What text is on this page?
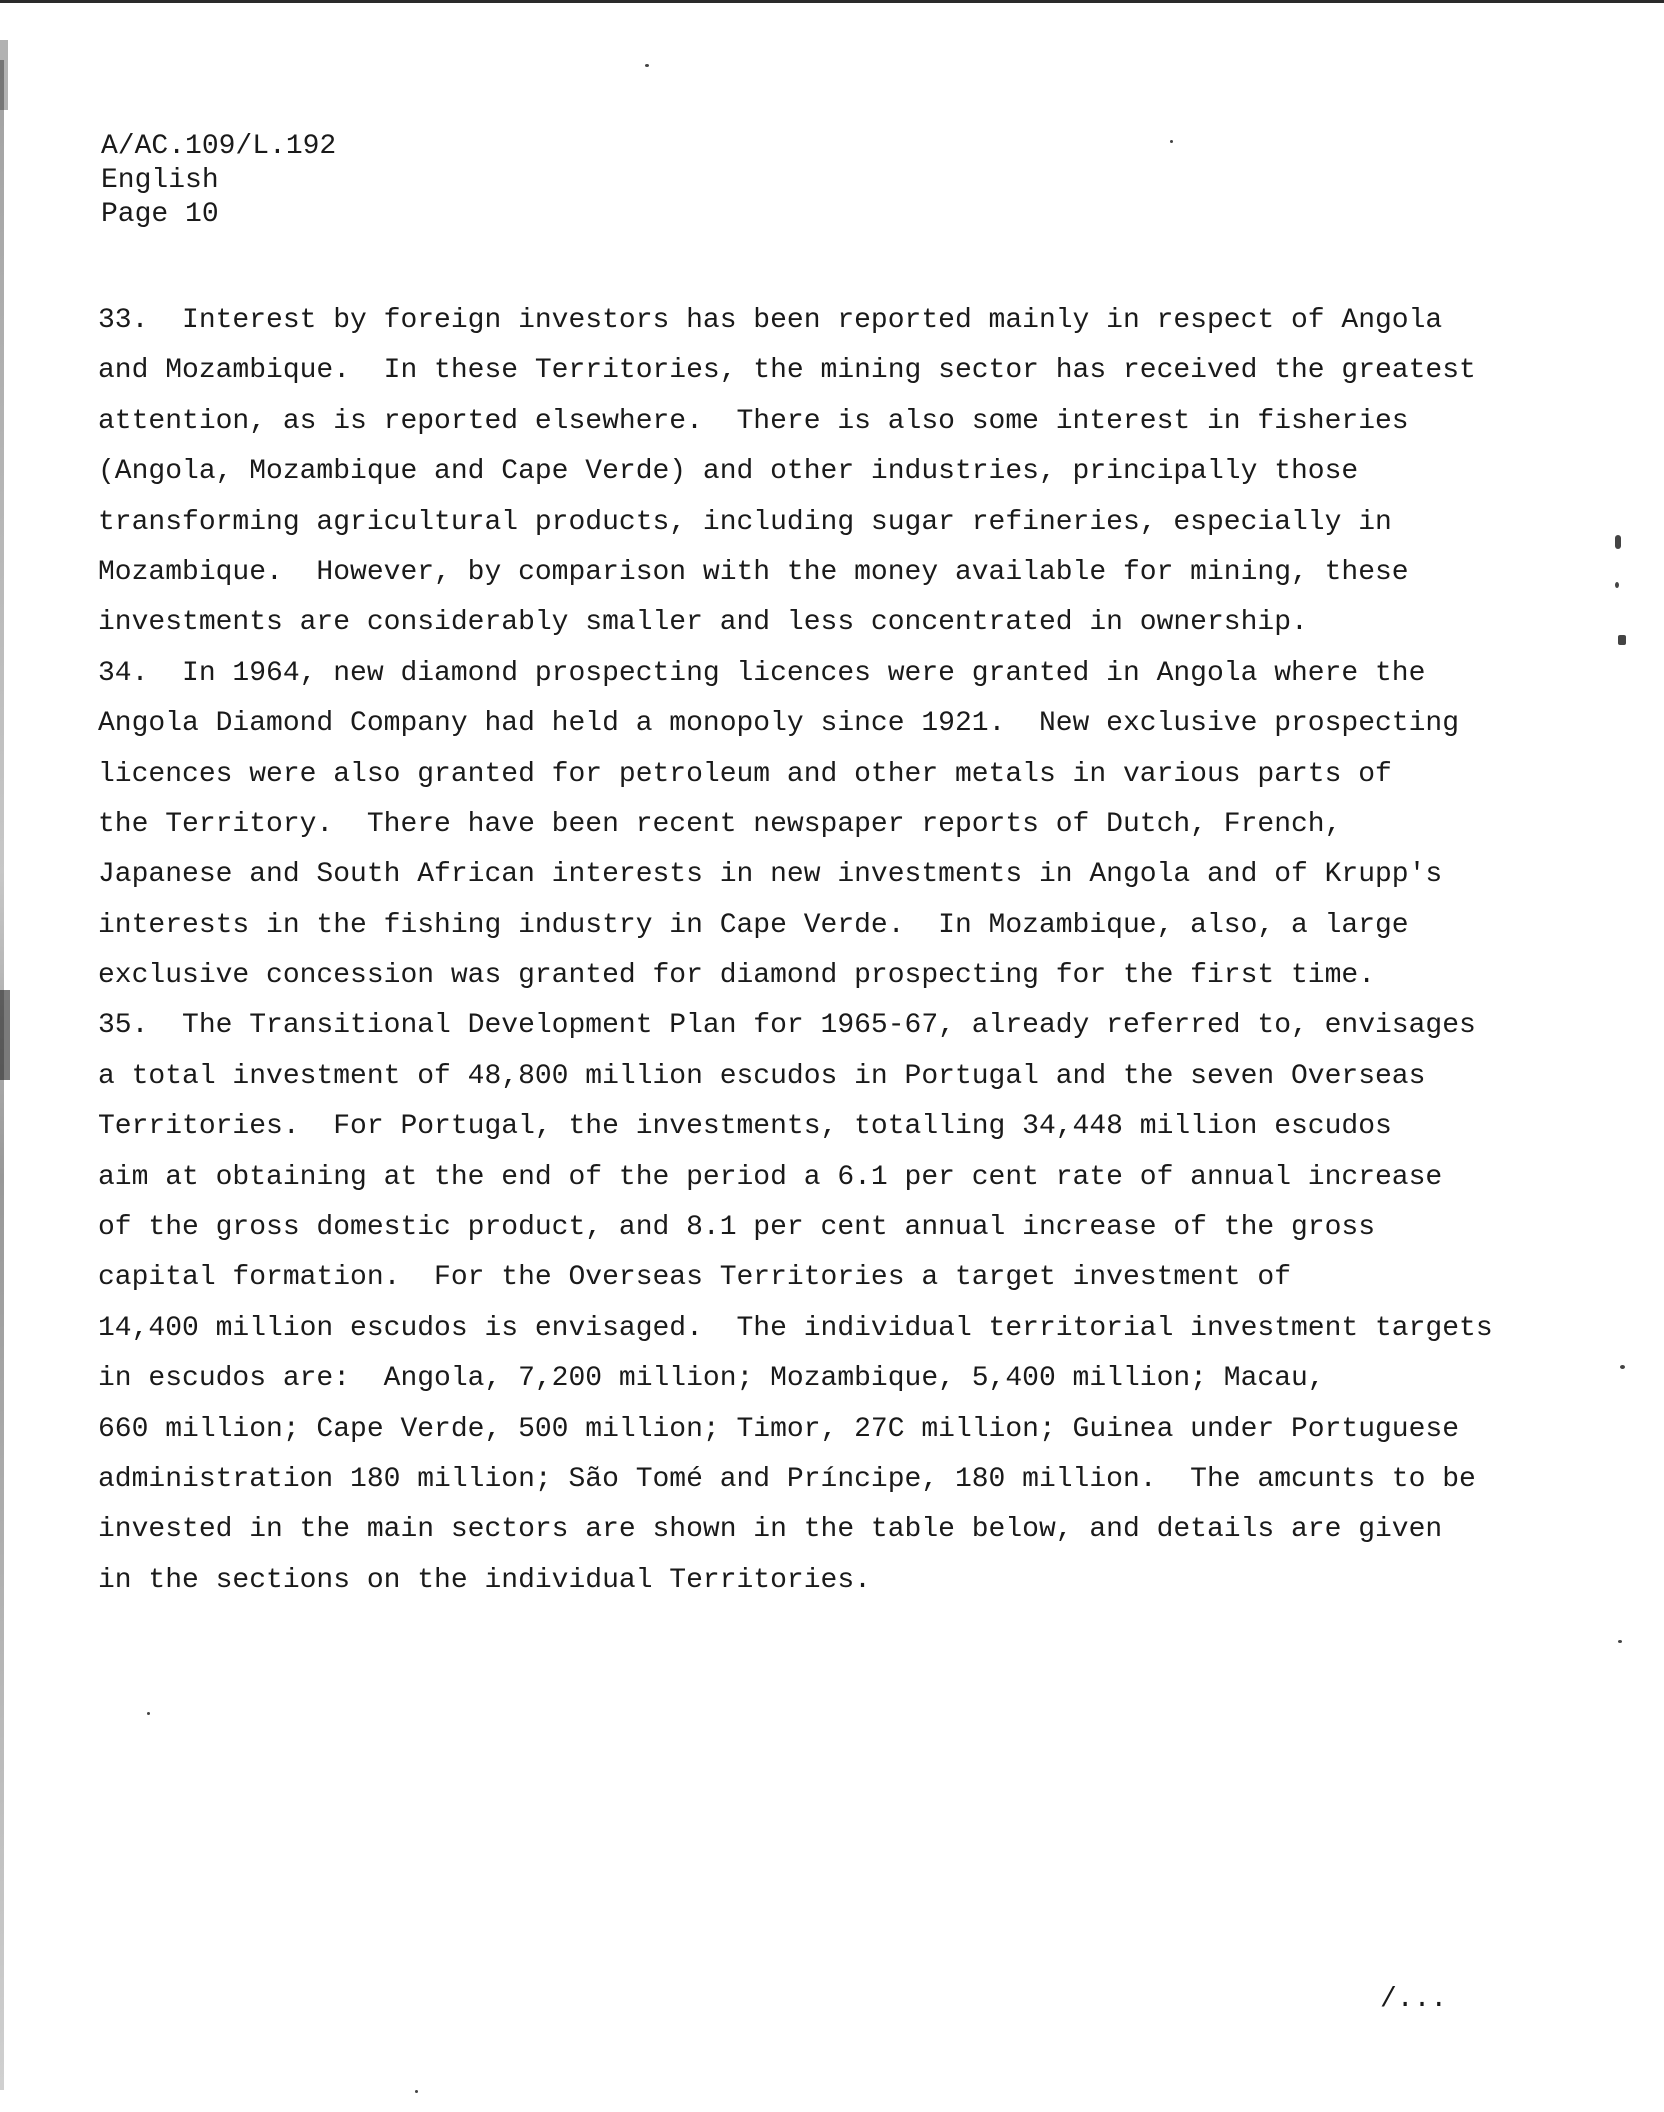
A/AC.109/L.192
English
Page 10
33.  Interest by foreign investors has been reported mainly in respect of Angola
and Mozambique.  In these Territories, the mining sector has received the greatest
attention, as is reported elsewhere.  There is also some interest in fisheries
(Angola, Mozambique and Cape Verde) and other industries, principally those
transforming agricultural products, including sugar refineries, especially in
Mozambique.  However, by comparison with the money available for mining, these
investments are considerably smaller and less concentrated in ownership.
34.  In 1964, new diamond prospecting licences were granted in Angola where the
Angola Diamond Company had held a monopoly since 1921.  New exclusive prospecting
licences were also granted for petroleum and other metals in various parts of
the Territory.  There have been recent newspaper reports of Dutch, French,
Japanese and South African interests in new investments in Angola and of Krupp's
interests in the fishing industry in Cape Verde.  In Mozambique, also, a large
exclusive concession was granted for diamond prospecting for the first time.
35.  The Transitional Development Plan for 1965-67, already referred to, envisages
a total investment of 48,800 million escudos in Portugal and the seven Overseas
Territories.  For Portugal, the investments, totalling 34,448 million escudos
aim at obtaining at the end of the period a 6.1 per cent rate of annual increase
of the gross domestic product, and 8.1 per cent annual increase of the gross
capital formation.  For the Overseas Territories a target investment of
14,400 million escudos is envisaged.  The individual territorial investment targets
in escudos are:  Angola, 7,200 million; Mozambique, 5,400 million; Macau,
660 million; Cape Verde, 500 million; Timor, 27C million; Guinea under Portuguese
administration 180 million; São Tomé and Príncipe, 180 million.  The amcunts to be
invested in the main sectors are shown in the table below, and details are given
in the sections on the individual Territories.
/...
